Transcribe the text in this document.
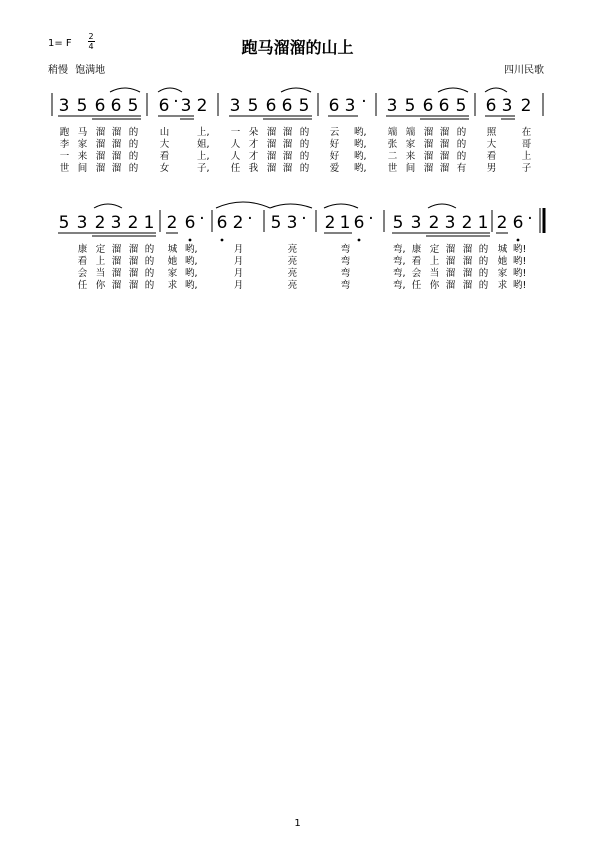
1= F
2
4	跑马溜溜的山上
稍慢 饱满地	四川民歌
3 5 6 6 5 6 · 3 2 3 5 6 6 5 6 3 · 3 5 6 6 5 6 3 2
跑 马 溜 溜 的 山	上, 一 朵 溜 溜 的 云 哟, 端 端 溜 溜 的 照	在
李 家 溜 溜 的 大	姐, 人 才 溜 溜 的 好 哟, 张 家 溜 溜 的 大	哥
一 来 溜 溜 的 看	上, 人 才 溜 溜 的 好 哟, 二 来 溜 溜 的 看	上
世 间 溜 溜 的 女	子, 任 我 溜 溜 的 爱 哟, 世 间 溜 溜 有 男	子
5 3 2 3 2 1 2 6 · 6 2 · 5 3 · 2 1 6 · 5 3 2 3 2 1 2 6 ·
康 定 溜 溜 的 城 哟,	月	亮	弯	弯, 康 定 溜 溜 的 城 哟!
看 上 溜 溜 的 她 哟,	月	亮	弯	弯, 看 上 溜 溜 的 她 哟!
会 当 溜 溜 的 家 哟,	月	亮	弯	弯, 会 当 溜 溜 的 家 哟!
任 你 溜 溜 的 求 哟,	月	亮	弯	弯, 任 你 溜 溜 的 求 哟!
1
